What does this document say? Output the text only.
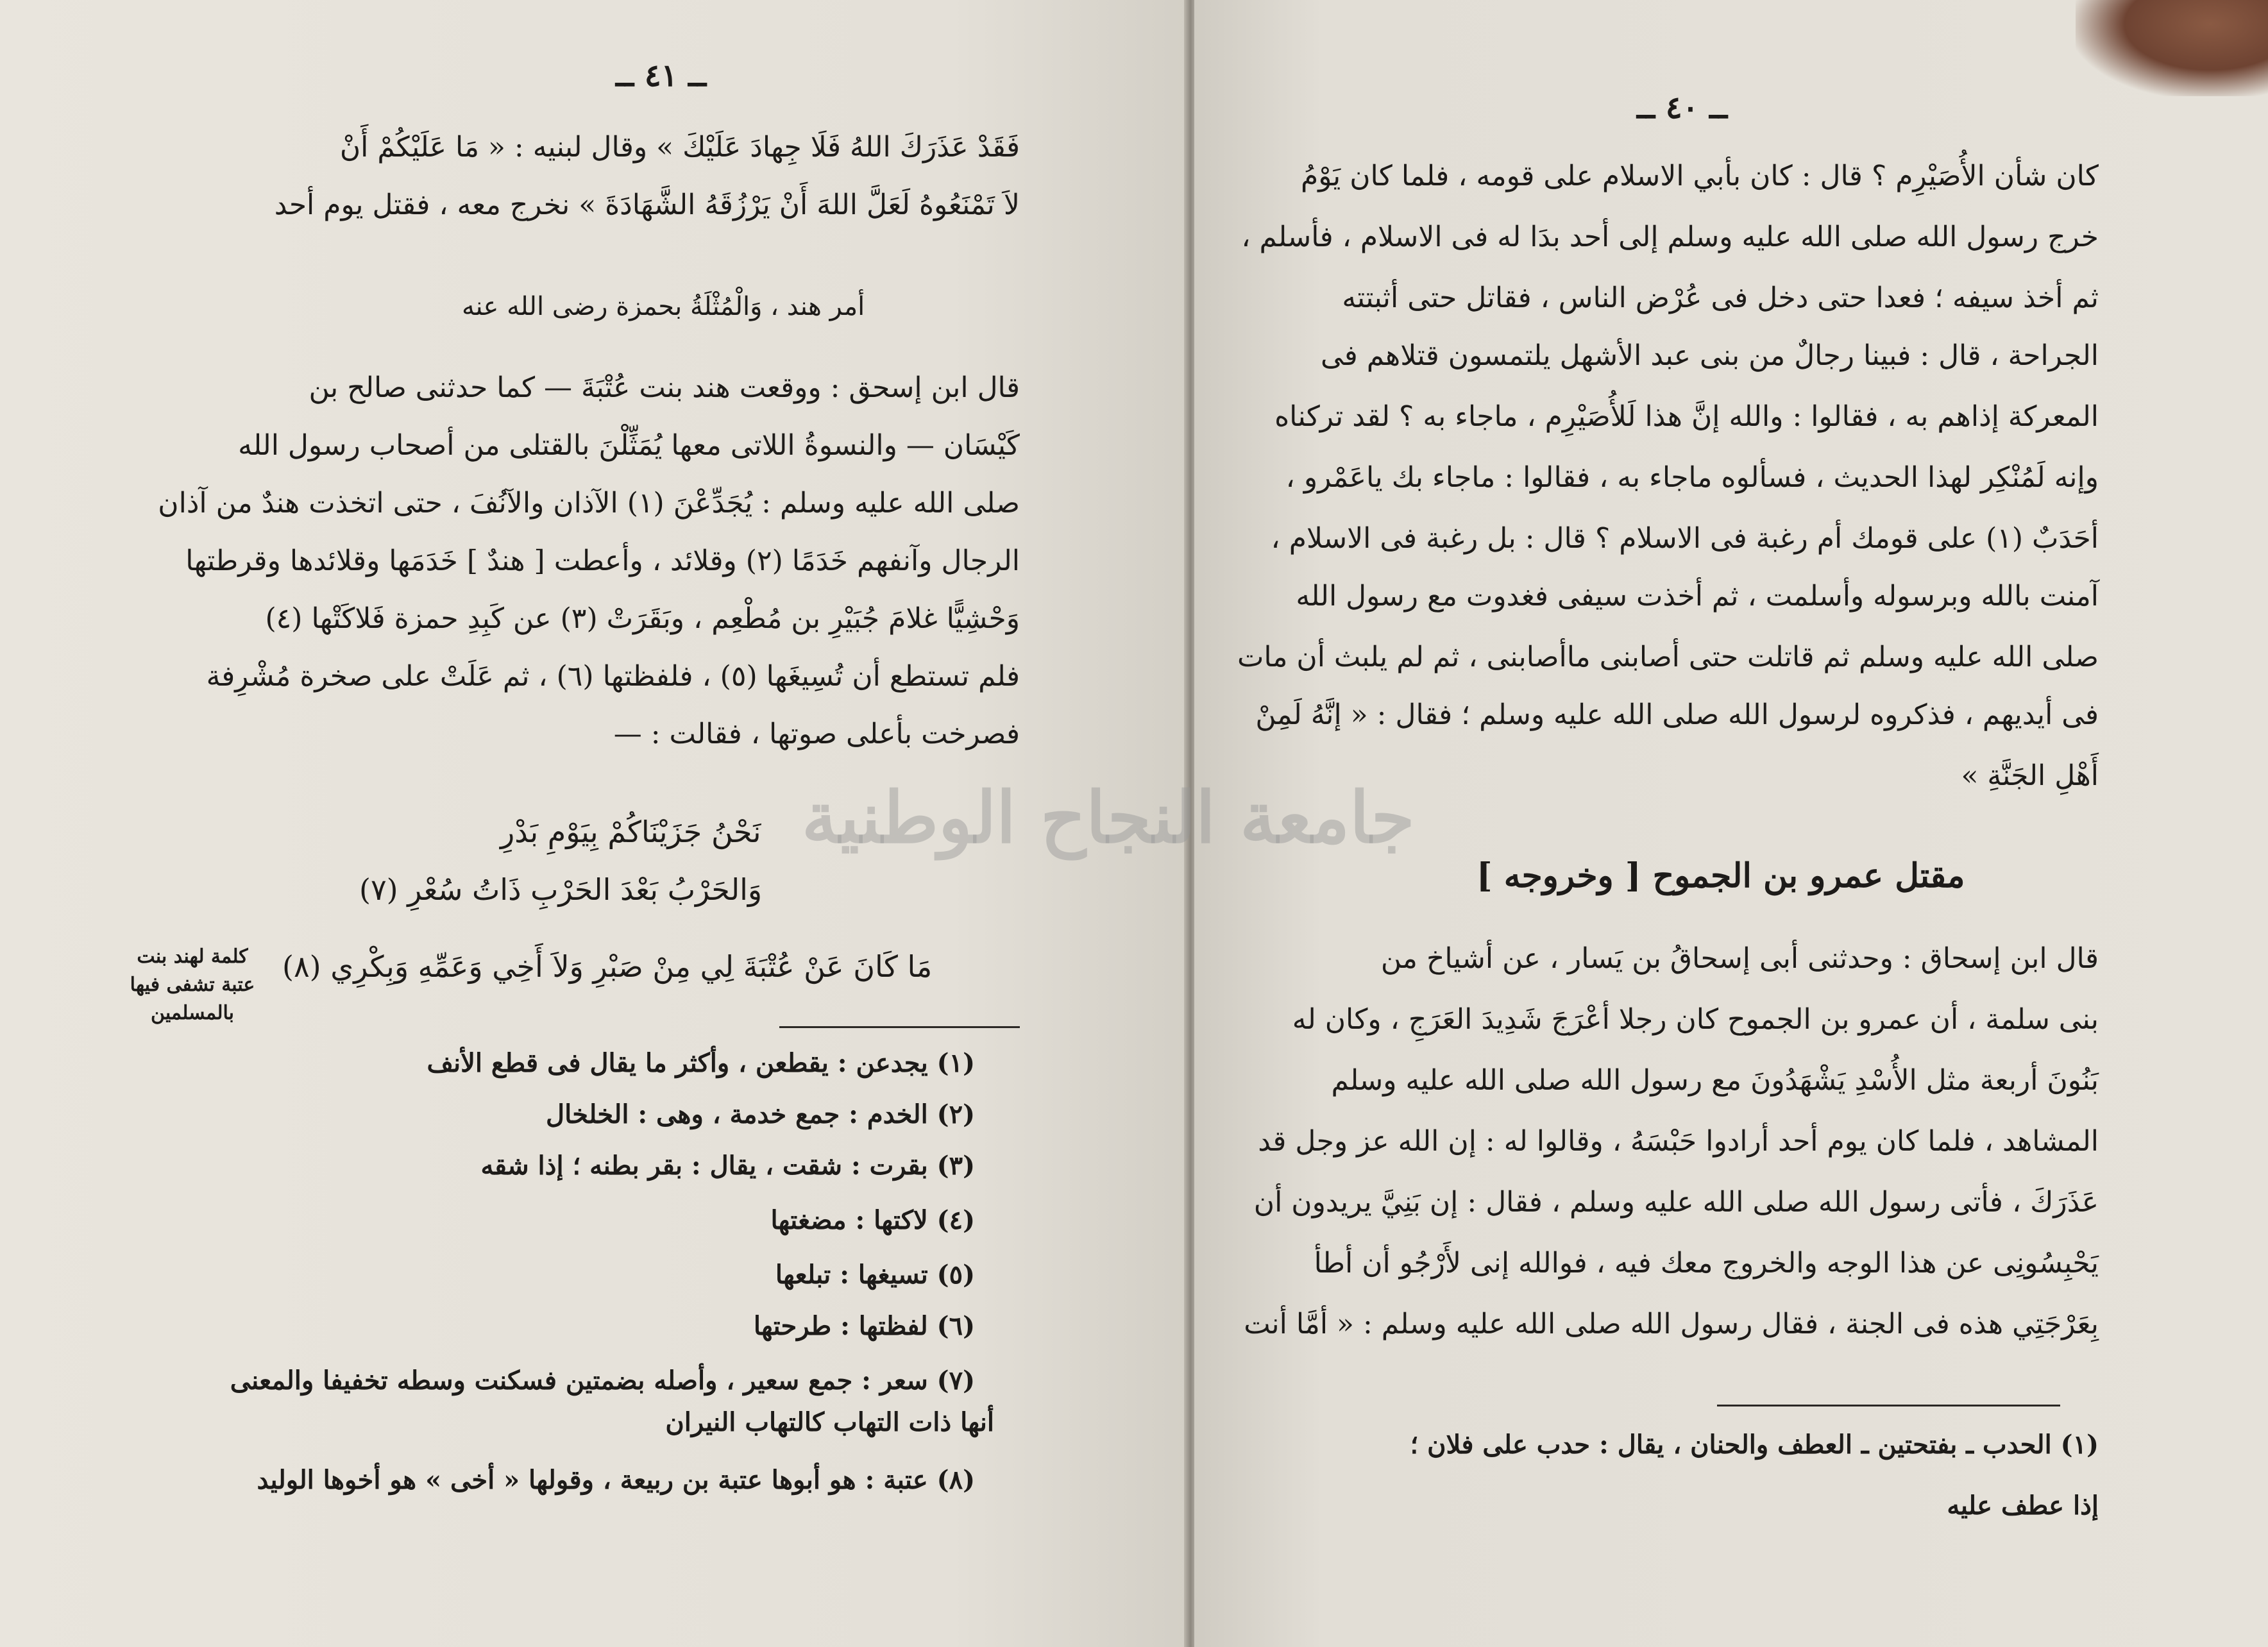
ــ ٤١ ــ
فَقَدْ عَذَرَكَ اللهُ فَلَا جِهادَ عَلَيْكَ » وقال لبنيه : « مَا عَلَيْكُمْ أَنْ
لاَ تَمْنَعُوهُ لَعَلَّ اللهَ أَنْ يَرْزُقَهُ الشَّهَادَةَ » نخرج معه ، فقتل يوم أحد
أمر هند ، وَالْمُثْلَةُ بحمزة رضى الله عنه
قال ابن إسحق : ووقعت هند بنت عُتْبَةَ — كما حدثنى صالح بن
كَيْسَان — والنسوةُ اللاتى معها يُمَثِّلْنَ بالقتلى من أصحاب رسول الله
صلى الله عليه وسلم : يُجَدِّعْنَ (١) الآذان والآنُفَ ، حتى اتخذت هندٌ من آذان
الرجال وآنفهم خَدَمًا (٢) وقلائد ، وأعطت [ هندٌ ] خَدَمَها وقلائدها وقرطتها
وَحْشِيًّا غلامَ جُبَيْرِ بن مُطْعِم ، وبَقَرَتْ (٣) عن كَبِدِ حمزة فَلاكَتْها (٤)
فلم تستطع أن تُسِيغَها (٥) ، فلفظتها (٦) ، ثم عَلَتْ على صخرة مُشْرِفة
فصرخت بأعلى صوتها ، فقالت : —
نَحْنُ جَزَيْنَاكُمْ بِيَوْمِ بَدْرِ
وَالحَرْبُ بَعْدَ الحَرْبِ ذَاتُ سُعْرِ (٧)
مَا كَانَ عَنْ عُتْبَةَ لِي مِنْ صَبْرِ وَلاَ أَخِي وَعَمِّهِ وَبِكْرِي (٨)
كلمة لهند بنت
عتبة تشفى فيها
بالمسلمين
(١) يجدعن : يقطعن ، وأكثر ما يقال فى قطع الأنف
(٢) الخدم : جمع خدمة ، وهى : الخلخال
(٣) بقرت : شقت ، يقال : بقر بطنه ؛ إذا شقه
(٤) لاكتها : مضغتها
(٥) تسيغها : تبلعها
(٦) لفظتها : طرحتها
(٧) سعر : جمع سعير ، وأصله بضمتين فسكنت وسطه تخفيفا والمعنى
أنها ذات التهاب كالتهاب النيران
(٨) عتبة : هو أبوها عتبة بن ربيعة ، وقولها « أخى » هو أخوها الوليد
ــ ٤٠ ــ
كان شأن الأُصَيْرِم ؟ قال : كان بأبي الاسلام على قومه ، فلما كان يَوْمُ
خرج رسول الله صلى الله عليه وسلم إلى أحد بدَا له فى الاسلام ، فأسلم ،
ثم أخذ سيفه ؛ فعدا حتى دخل فى عُرْض الناس ، فقاتل حتى أثبتته
الجراحة ، قال : فبينا رجالٌ من بنى عبد الأشهل يلتمسون قتلاهم فى
المعركة إذاهم به ، فقالوا : والله إنَّ هذا لَلأُصَيْرِم ، ماجاء به ؟ لقد تركناه
وإنه لَمُنْكِر لهذا الحديث ، فسألوه ماجاء به ، فقالوا : ماجاء بك ياعَمْرو ،
أحَدَبٌ (١) على قومك أم رغبة فى الاسلام ؟ قال : بل رغبة فى الاسلام ،
آمنت بالله وبرسوله وأسلمت ، ثم أخذت سيفى فغدوت مع رسول الله
صلى الله عليه وسلم ثم قاتلت حتى أصابنى ماأصابنى ، ثم لم يلبث أن مات
فى أيديهم ، فذكروه لرسول الله صلى الله عليه وسلم ؛ فقال : « إنَّهُ لَمِنْ
أَهْلِ الجَنَّةِ »
مقتل عمرو بن الجموح [ وخروجه ]
قال ابن إسحاق : وحدثنى أبى إسحاقُ بن يَسار ، عن أشياخ من
بنى سلمة ، أن عمرو بن الجموح كان رجلا أعْرَجَ شَدِيدَ العَرَجِ ، وكان له
بَنُونَ أربعة مثل الأُسْدِ يَشْهَدُونَ مع رسول الله صلى الله عليه وسلم
المشاهد ، فلما كان يوم أحد أرادوا حَبْسَهُ ، وقالوا له : إن الله عز وجل قد
عَذَرَكَ ، فأتى رسول الله صلى الله عليه وسلم ، فقال : إن بَنِيَّ يريدون أن
يَحْبِسُونِى عن هذا الوجه والخروج معك فيه ، فوالله إنى لأَرْجُو أن أطأ
بِعَرْجَتِي هذه فى الجنة ، فقال رسول الله صلى الله عليه وسلم : « أمَّا أنت
(١) الحدب ـ بفتحتين ـ العطف والحنان ، يقال : حدب على فلان ؛
إذا عطف عليه
جامعة النجاح الوطنية
